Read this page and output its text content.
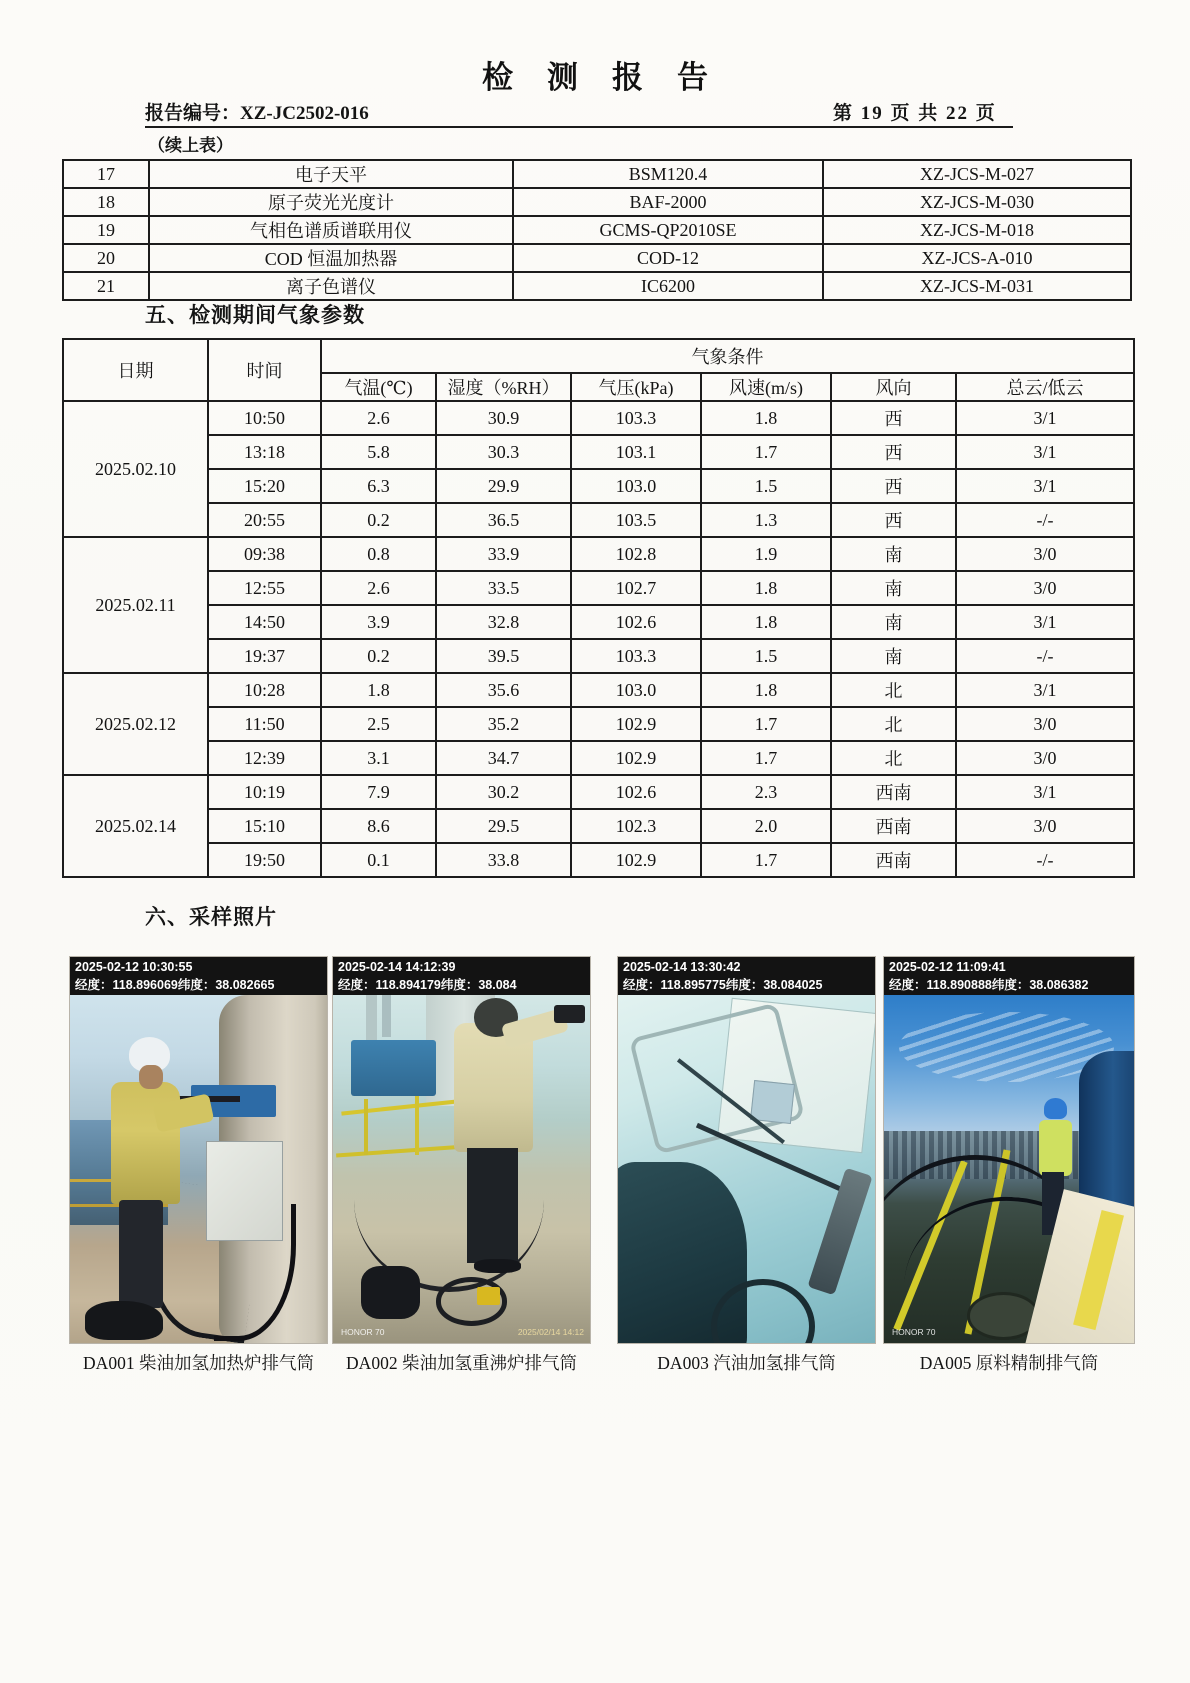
检测报告
报告编号：XZ-JC2502-016	第 19 页 共 22 页
（续上表）
17	电子天平	BSM120.4	XZ-JCS-M-027
18	原子荧光光度计	BAF-2000	XZ-JCS-M-030
19	气相色谱质谱联用仪	GCMS-QP2010SE	XZ-JCS-M-018
20	COD 恒温加热器	COD-12	XZ-JCS-A-010
21	离子色谱仪	IC6200	XZ-JCS-M-031
五、检测期间气象参数
日期	时间	气象条件					
		气温(℃)	湿度（%RH）	气压(kPa)	风速(m/s)	风向	总云/低云
2025.02.10	10:50	2.6	30.9	103.3	1.8	西	3/1
	13:18	5.8	30.3	103.1	1.7	西	3/1
	15:20	6.3	29.9	103.0	1.5	西	3/1
	20:55	0.2	36.5	103.5	1.3	西	-/-
2025.02.11	09:38	0.8	33.9	102.8	1.9	南	3/0
	12:55	2.6	33.5	102.7	1.8	南	3/0
	14:50	3.9	32.8	102.6	1.8	南	3/1
	19:37	0.2	39.5	103.3	1.5	南	-/-
2025.02.12	10:28	1.8	35.6	103.0	1.8	北	3/1
	11:50	2.5	35.2	102.9	1.7	北	3/0
	12:39	3.1	34.7	102.9	1.7	北	3/0
2025.02.14	10:19	7.9	30.2	102.6	2.3	西南	3/1
	15:10	8.6	29.5	102.3	2.0	西南	3/0
	19:50	0.1	33.8	102.9	1.7	西南	-/-
六、采样照片
2025-02-12 10:30:55
经度：118.896069纬度：38.082665
2025-02-14 14:12:39
经度：118.894179纬度：38.084
HONOR 70	2025/02/14 14:12
2025-02-14 13:30:42
经度：118.895775纬度：38.084025
2025-02-12 11:09:41
经度：118.890888纬度：38.086382
HONOR 70
DA001 柴油加氢加热炉排气筒	DA002 柴油加氢重沸炉排气筒	DA003 汽油加氢排气筒	DA005 原料精制排气筒
